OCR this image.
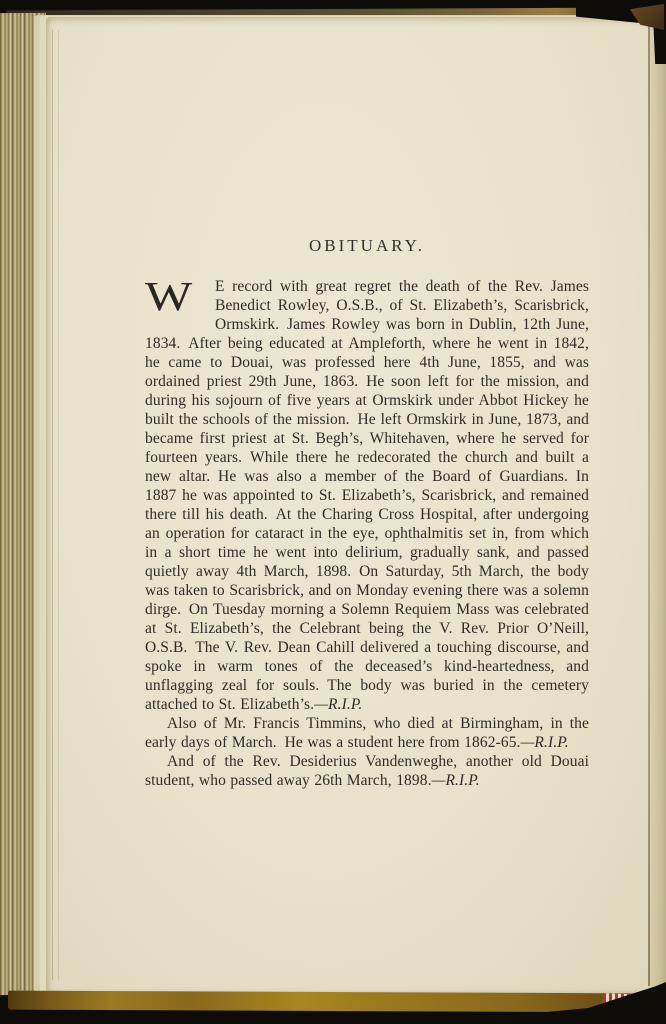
OBITUARY.

W	E record with great regret the death of the Rev. James Benedict Rowley, O.S.B., of St. Elizabeth’s, Scarisbrick, Ormskirk. James Rowley was born in Dublin, 12th June, 1834. After being educated at Ampleforth, where he went in 1842, he came to Douai, was professed here 4th June, 1855, and was ordained priest 29th June, 1863. He soon left for the mission, and during his sojourn of five years at Ormskirk under Abbot Hickey he built the schools of the mission. He left Ormskirk in June, 1873, and became first priest at St. Begh’s, Whitehaven, where he served for fourteen years. While there he redecorated the church and built a new altar. He was also a member of the Board of Guardians. In 1887 he was appointed to St. Elizabeth’s, Scarisbrick, and remained there till his death. At the Charing Cross Hospital, after undergoing an operation for cataract in the eye, ophthalmitis set in, from which in a short time he went into delirium, gradually sank, and passed quietly away 4th March, 1898. On Saturday, 5th March, the body was taken to Scarisbrick, and on Monday evening there was a solemn dirge. On Tuesday morning a Solemn Requiem Mass was celebrated at St. Elizabeth’s, the Celebrant being the V. Rev. Prior O’Neill, O.S.B. The V. Rev. Dean Cahill delivered a touching discourse, and spoke in warm tones of the deceased’s kind-heartedness, and unflagging zeal for souls. The body was buried in the cemetery attached to St. Elizabeth’s.—R.I.P.

Also of Mr. Francis Timmins, who died at Birmingham, in the early days of March. He was a student here from 1862-65.—R.I.P.

And of the Rev. Desiderius Vandenweghe, another old Douai student, who passed away 26th March, 1898.—R.I.P.
